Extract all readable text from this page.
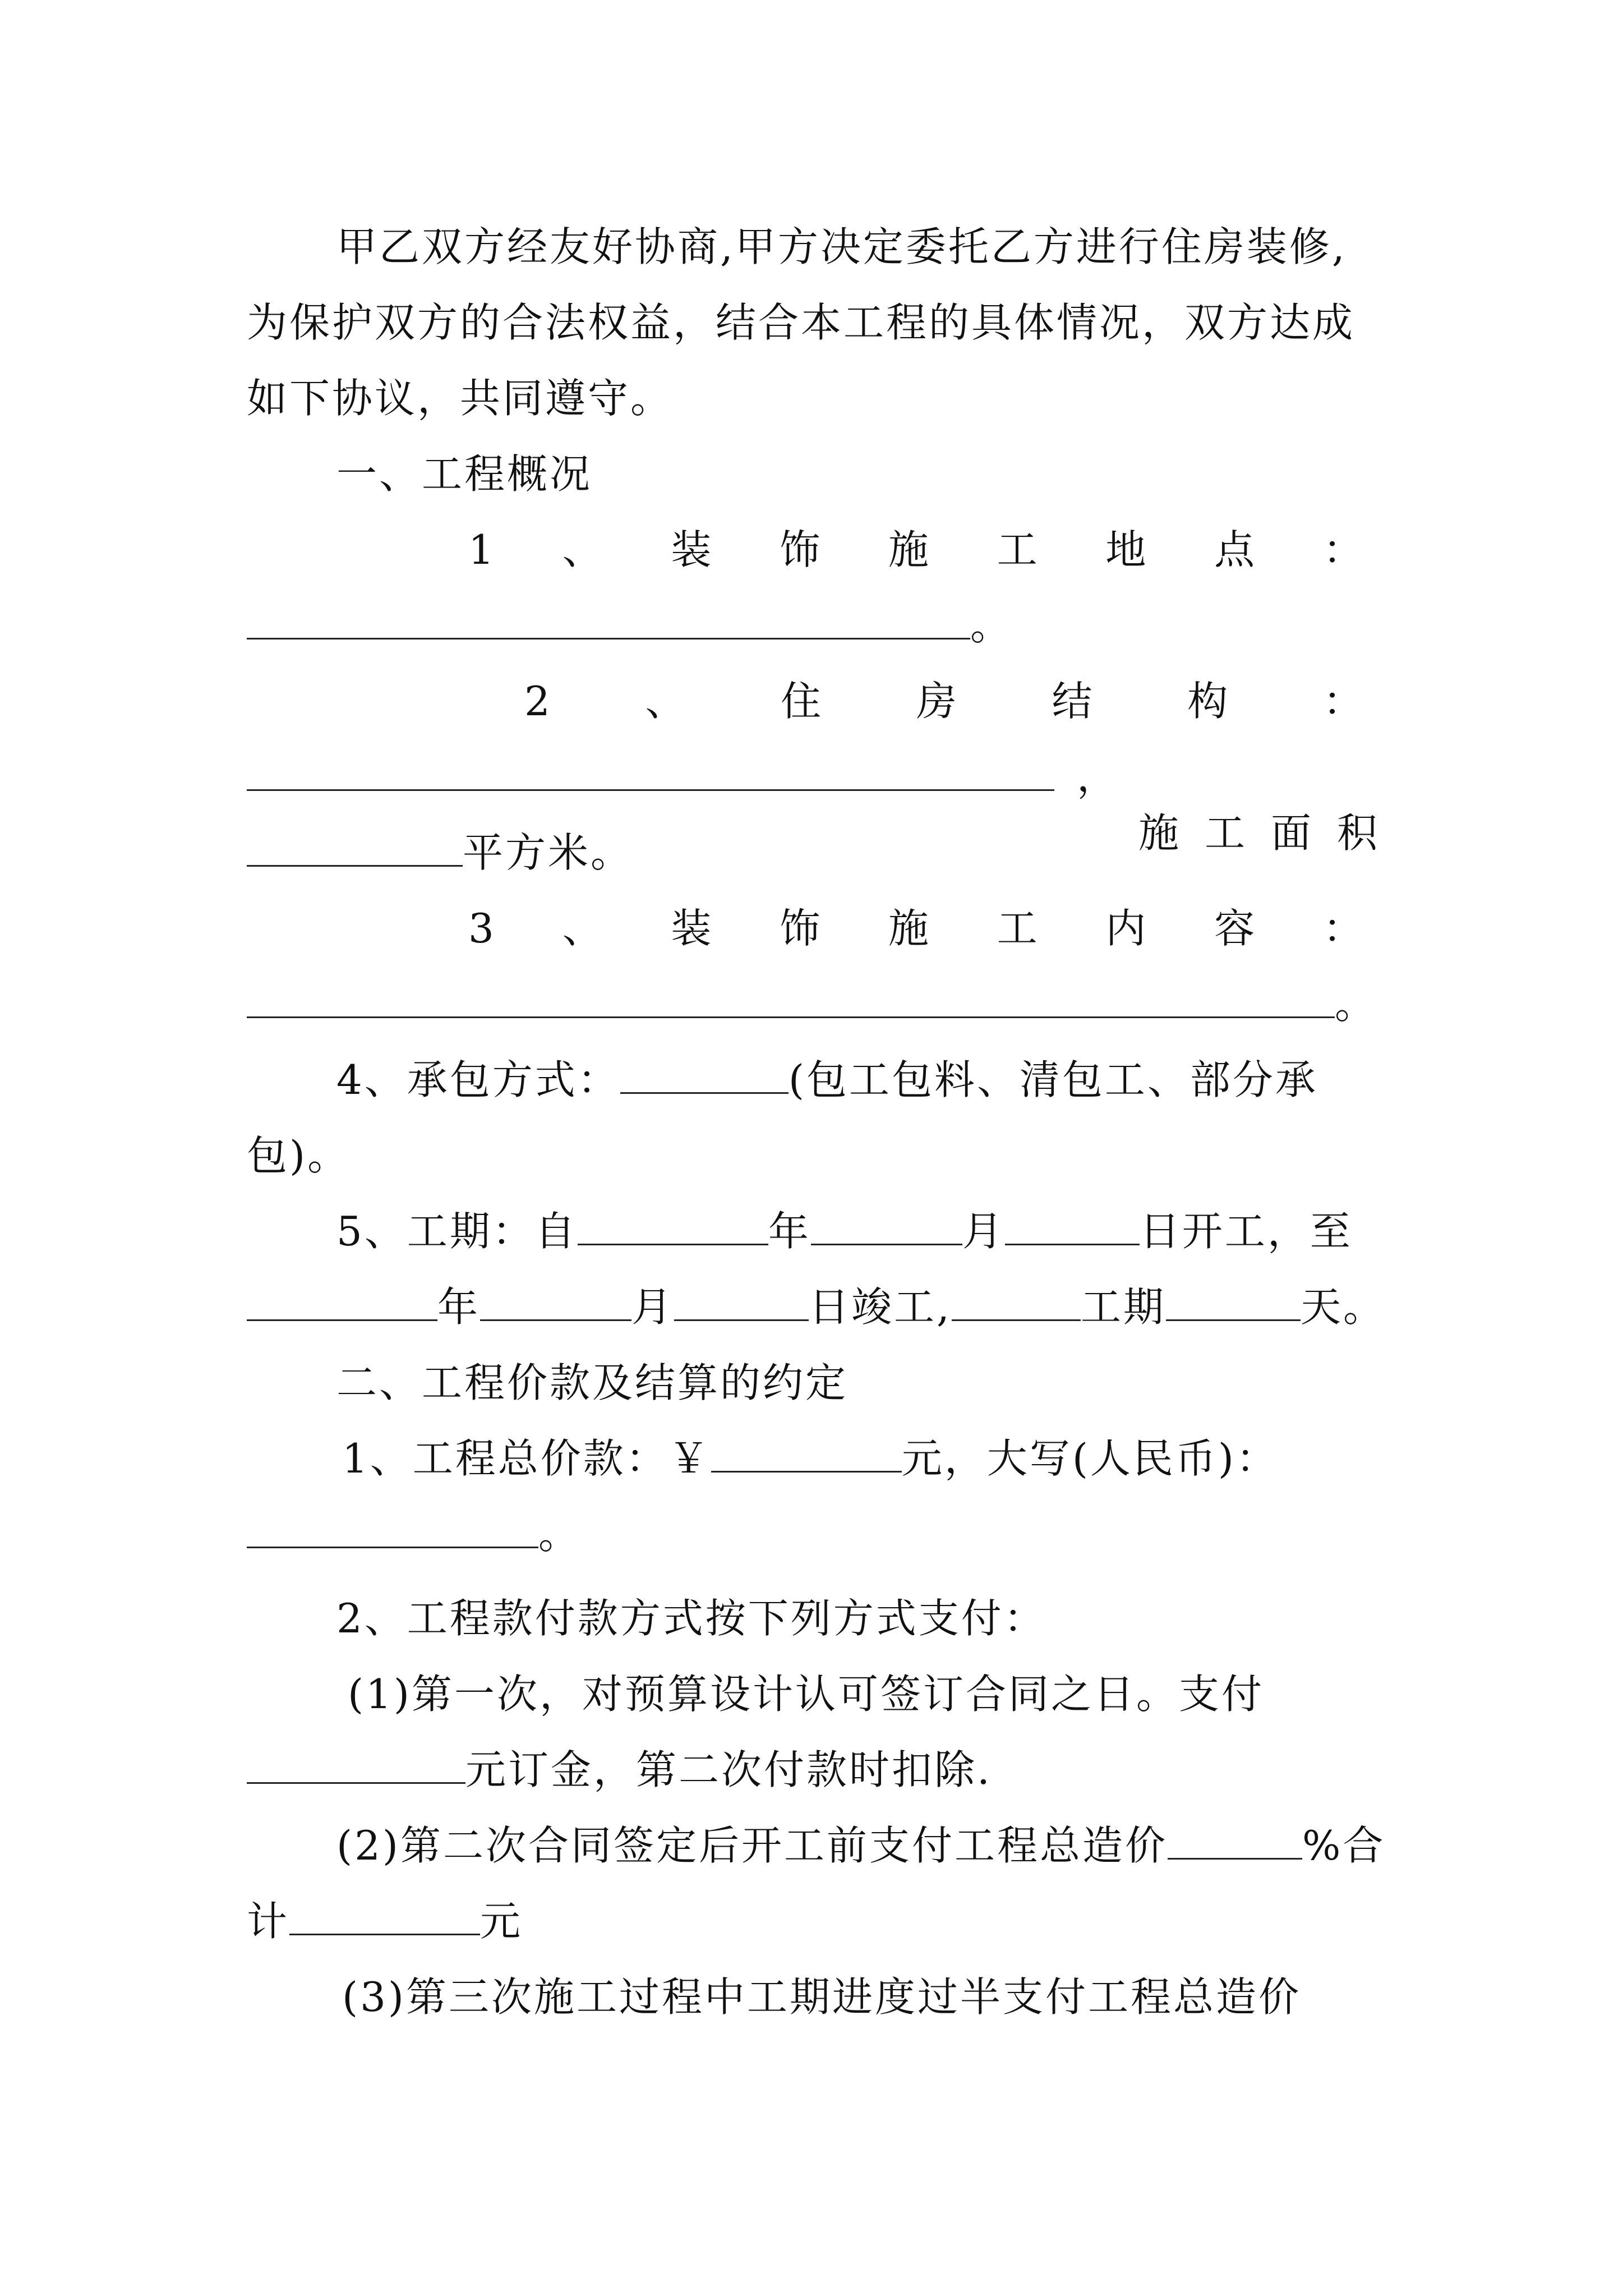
甲乙双方经友好协商,甲方决定委托乙方进行住房装修,
为保护双方的合法权益，结合本工程的具体情况，双方达成
如下协议，共同遵守。
一、工程概况
1 、 装 饰 施 工 地 点 ：
。
2 、 住 房 结 构 ：
，
施 工 面 积
平方米。
3 、 装 饰 施 工 内 容 ：
。
4、承包方式：	(包工包料、清包工、部分承
包)。
5、工期：自	年	月	日开工，至
年	月	日竣工,	工期	天。
二、工程价款及结算的约定
1、工程总价款：￥	元，大写(人民币)：
。
2、工程款付款方式按下列方式支付：
(1)第一次，对预算设计认可签订合同之日。支付
元订金，第二次付款时扣除.
(2)第二次合同签定后开工前支付工程总造价	%合
计	元
(3)第三次施工过程中工期进度过半支付工程总造价
